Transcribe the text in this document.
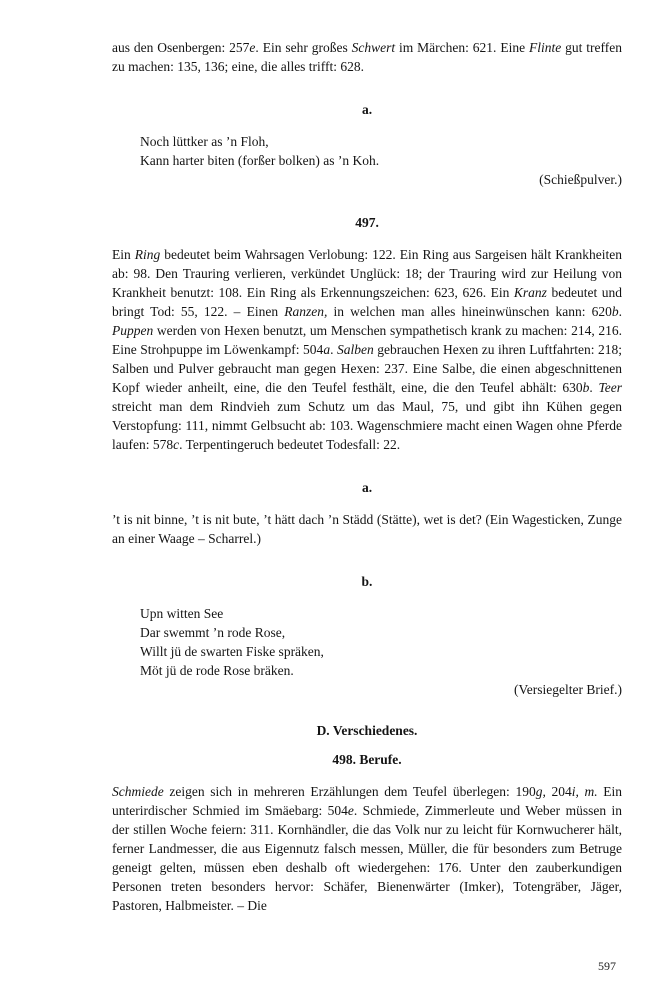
aus den Osenbergen: 257e. Ein sehr großes Schwert im Märchen: 621. Eine Flinte gut treffen zu machen: 135, 136; eine, die alles trifft: 628.

a.
Noch lüttker as ’n Floh,
Kann harter biten (forßer bolken) as ’n Koh.
(Schießpulver.)
497.

Ein Ring bedeutet beim Wahrsagen Verlobung: 122. Ein Ring aus Sargeisen hält Krankheiten ab: 98. Den Trauring verlieren, verkündet Unglück: 18; der Trauring wird zur Heilung von Krankheit benutzt: 108. Ein Ring als Erkennungszeichen: 623, 626. Ein Kranz bedeutet und bringt Tod: 55, 122. – Einen Ranzen, in welchen man alles hineinwünschen kann: 620b. Puppen werden von Hexen benutzt, um Menschen sympathetisch krank zu machen: 214, 216. Eine Strohpuppe im Löwenkampf: 504a. Salben gebrauchen Hexen zu ihren Luftfahrten: 218; Salben und Pulver gebraucht man gegen Hexen: 237. Eine Salbe, die einen abgeschnittenen Kopf wieder anheilt, eine, die den Teufel festhält, eine, die den Teufel abhält: 630b. Teer streicht man dem Rindvieh zum Schutz um das Maul, 75, und gibt ihn Kühen gegen Verstopfung: 111, nimmt Gelbsucht ab: 103. Wagenschmiere macht einen Wagen ohne Pferde laufen: 578c. Terpentingeruch bedeutet Todesfall: 22.

a.

’t is nit binne, ’t is nit bute, ’t hätt dach ’n Städd (Stätte), wet is det? (Ein Wagesticken, Zunge an einer Waage – Scharrel.)

b.
Upn witten See
Dar swemmt ’n rode Rose,
Willt jü de swarten Fiske spräken,
Möt jü de rode Rose bräken.
(Versiegelter Brief.)
D. Verschiedenes.
498. Berufe.

Schmiede zeigen sich in mehreren Erzählungen dem Teufel überlegen: 190g, 204i, m. Ein unterirdischer Schmied im Smäebarg: 504e. Schmiede, Zimmerleute und Weber müssen in der stillen Woche feiern: 311. Kornhändler, die das Volk nur zu leicht für Kornwucherer hält, ferner Landmesser, die aus Eigennutz falsch messen, Müller, die für besonders zum Betruge geneigt gelten, müssen eben deshalb oft wiedergehen: 176. Unter den zauberkundigen Personen treten besonders hervor: Schäfer, Bienenwärter (Imker), Totengräber, Jäger, Pastoren, Halbmeister. – Die

597
